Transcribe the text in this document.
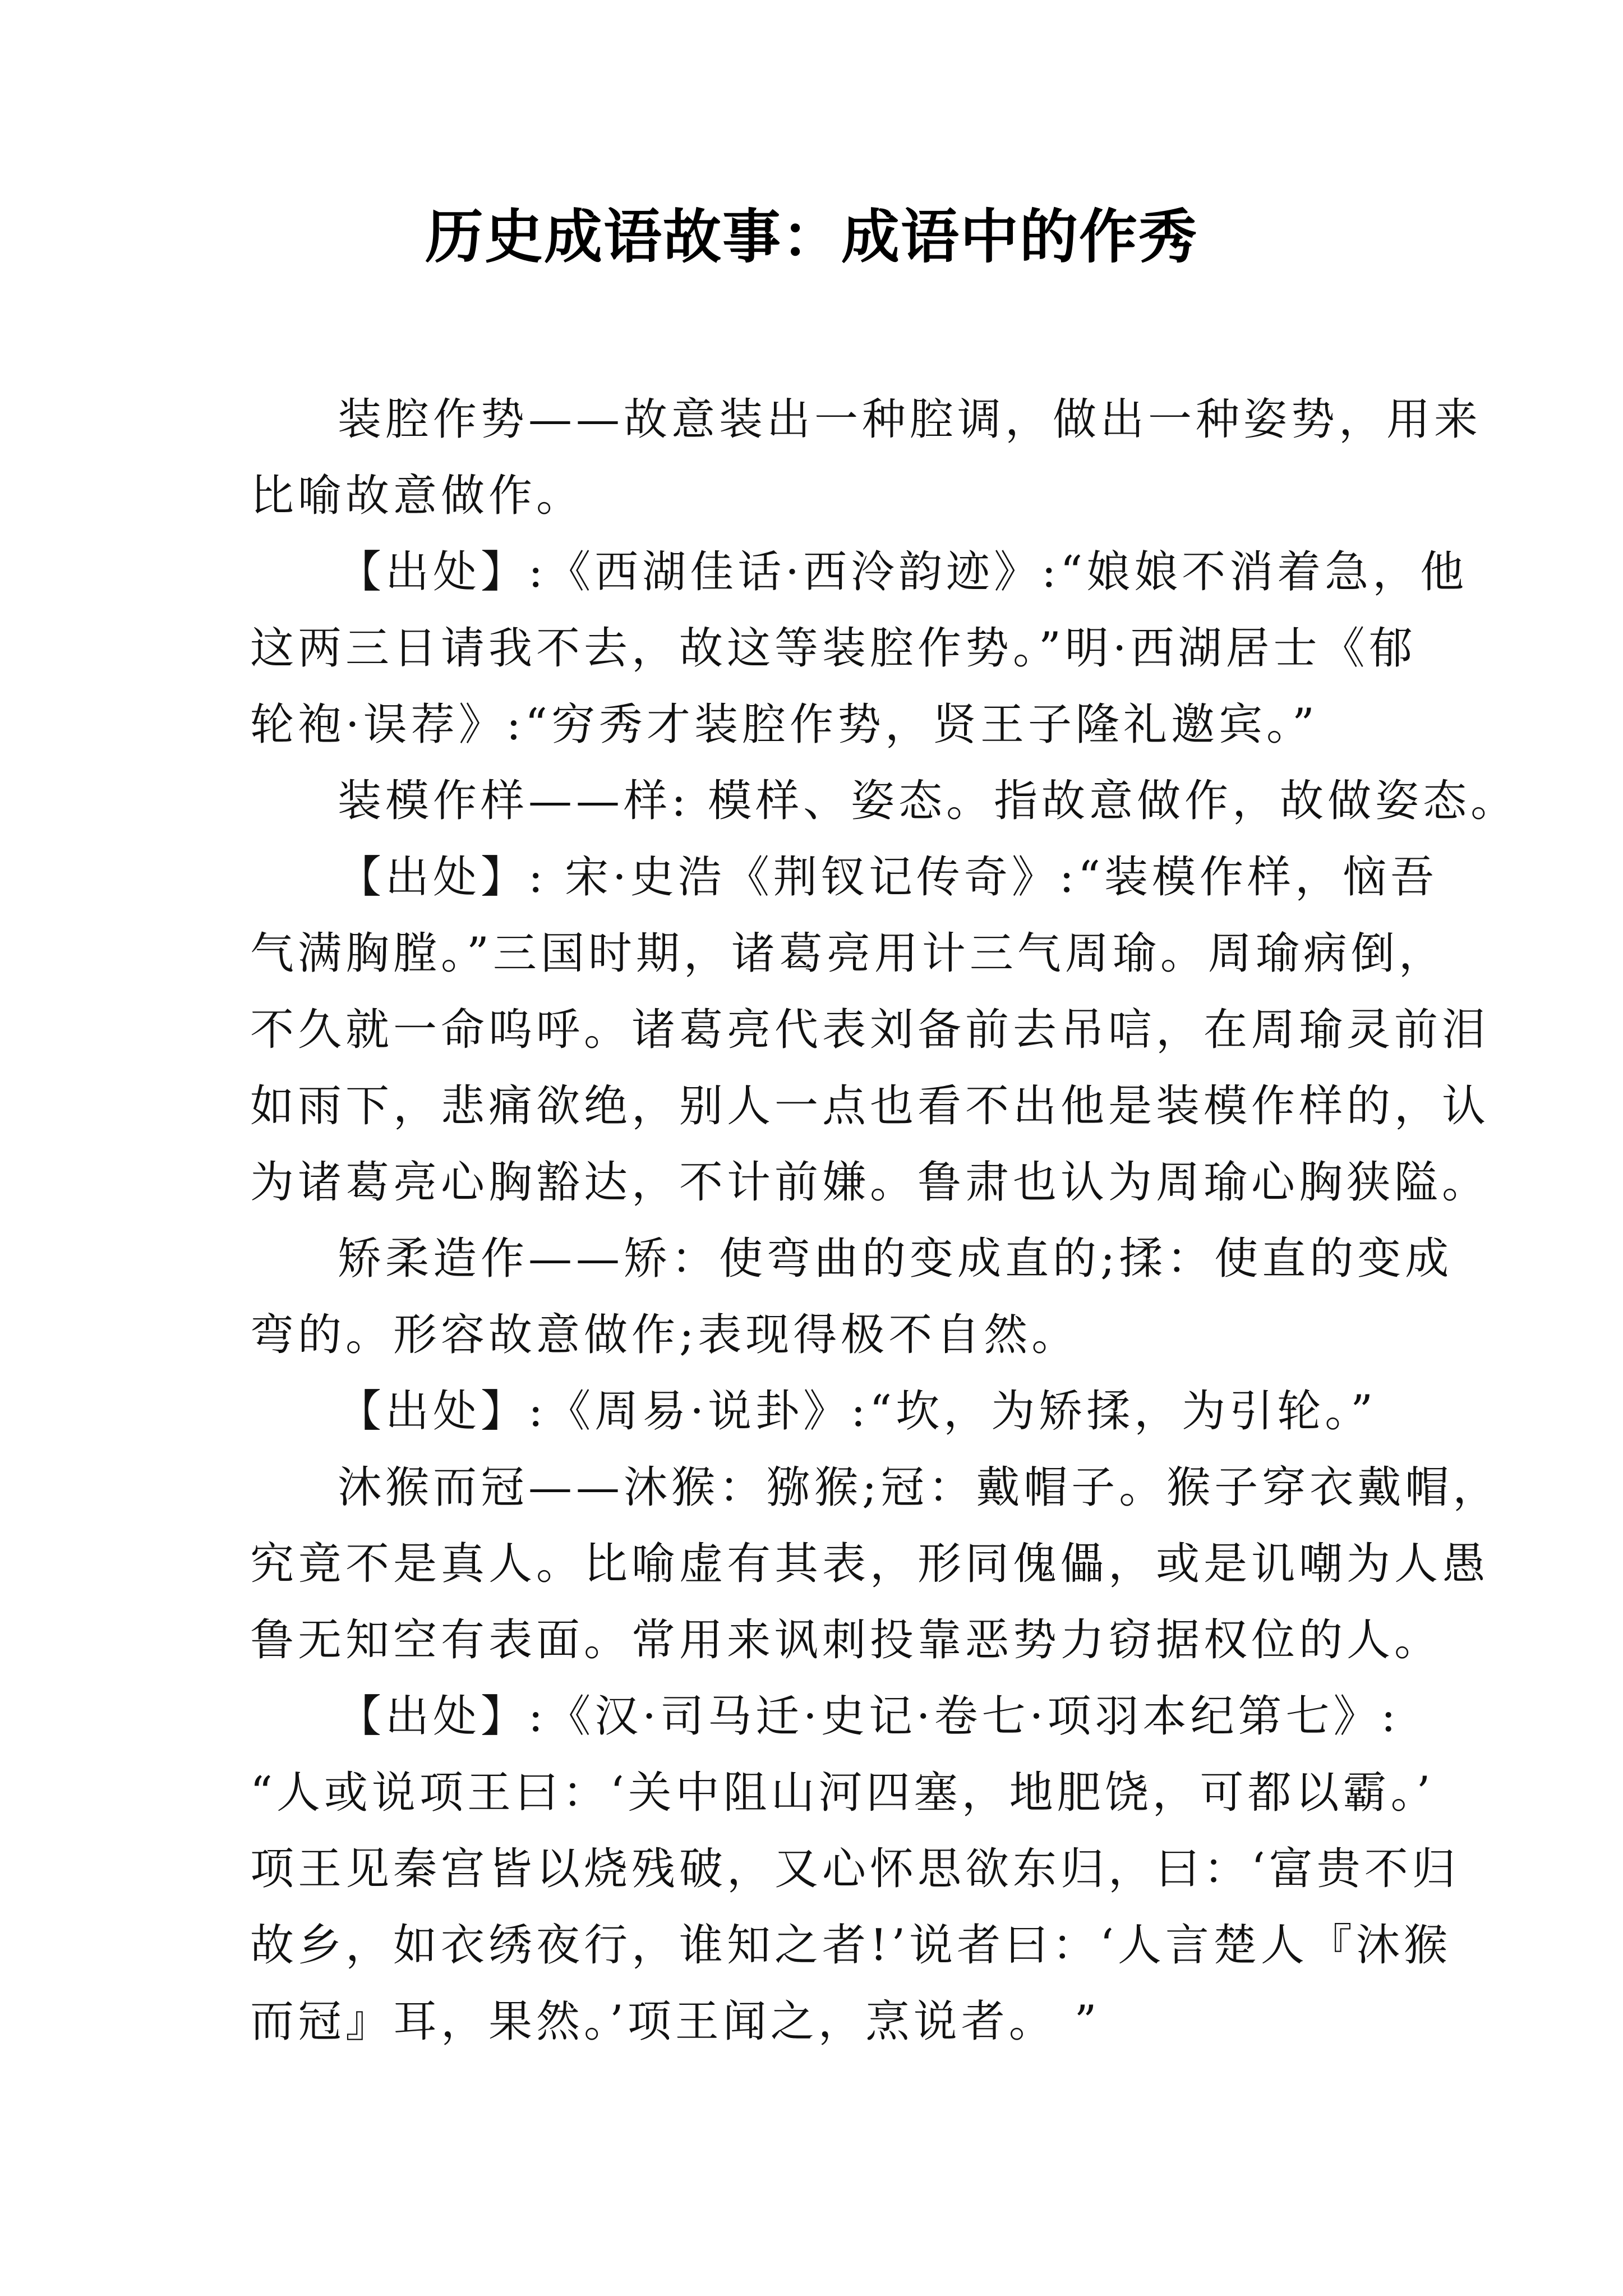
历史成语故事：成语中的作秀
装腔作势——故意装出一种腔调，做出一种姿势，用来
比喻故意做作。
【出处】:《西湖佳话·西泠韵迹》:“娘娘不消着急，他
这两三日请我不去，故这等装腔作势。”明·西湖居士《郁
轮袍·误荐》:“穷秀才装腔作势，贤王子隆礼邀宾。”
装模作样——样: 模样、姿态。指故意做作，故做姿态。
【出处】: 宋·史浩《荆钗记传奇》:“装模作样，恼吾
气满胸膛。”三国时期，诸葛亮用计三气周瑜。周瑜病倒，
不久就一命呜呼。诸葛亮代表刘备前去吊唁，在周瑜灵前泪
如雨下，悲痛欲绝，别人一点也看不出他是装模作样的，认
为诸葛亮心胸豁达，不计前嫌。鲁肃也认为周瑜心胸狭隘。
矫柔造作——矫：使弯曲的变成直的;揉：使直的变成
弯的。形容故意做作;表现得极不自然。
【出处】:《周易·说卦》:“坎，为矫揉，为引轮。”
沐猴而冠——沐猴：猕猴;冠：戴帽子。猴子穿衣戴帽，
究竟不是真人。比喻虚有其表，形同傀儡，或是讥嘲为人愚
鲁无知空有表面。常用来讽刺投靠恶势力窃据权位的人。
【出处】:《汉·司马迁·史记·卷七·项羽本纪第七》:
“人或说项王曰：‘关中阻山河四塞，地肥饶，可都以霸。’
项王见秦宫皆以烧残破，又心怀思欲东归，曰：‘富贵不归
故乡，如衣绣夜行，谁知之者!’说者曰：‘人言楚人『沐猴
而冠』耳，果然。’项王闻之，烹说者。 ”
